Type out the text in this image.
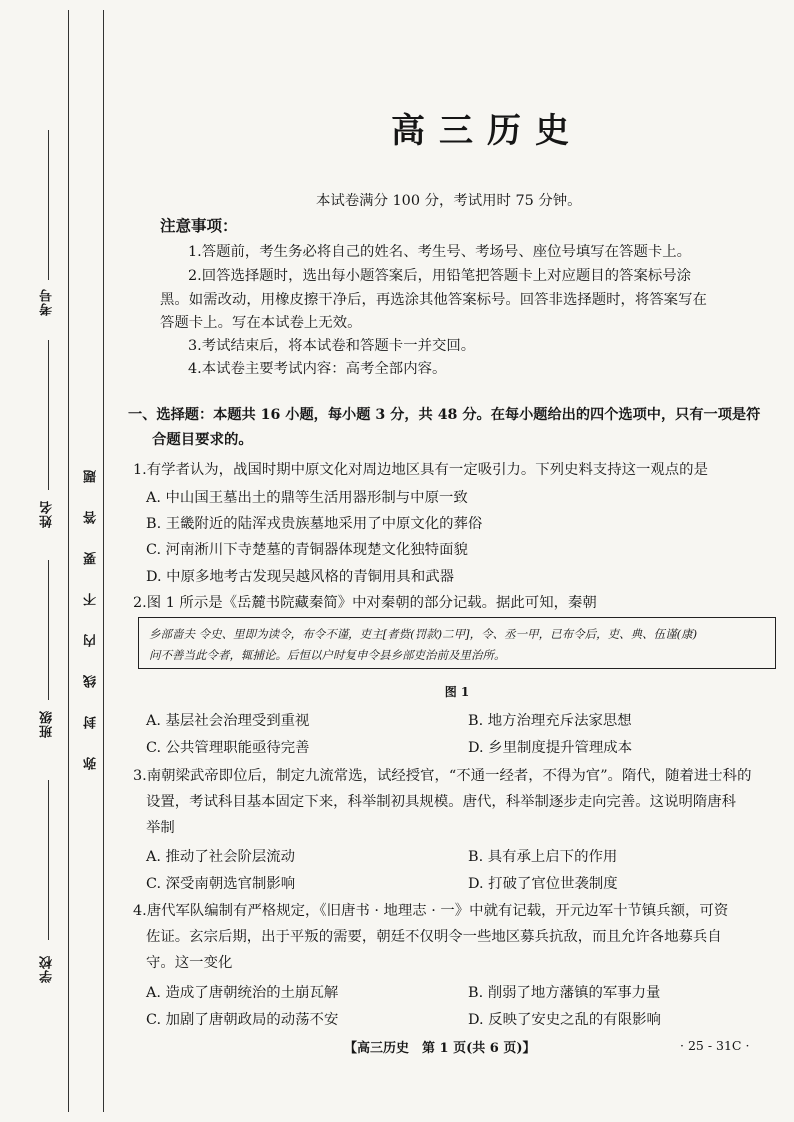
考号
姓名
班级
学校
弥封线内不要答题
高三历史
本试卷满分 100 分，考试用时 75 分钟。
注意事项：
1.答题前，考生务必将自己的姓名、考生号、考场号、座位号填写在答题卡上。
2.回答选择题时，选出每小题答案后，用铅笔把答题卡上对应题目的答案标号涂
黑。如需改动，用橡皮擦干净后，再选涂其他答案标号。回答非选择题时，将答案写在
答题卡上。写在本试卷上无效。
3.考试结束后，将本试卷和答题卡一并交回。
4.本试卷主要考试内容：高考全部内容。
一、选择题：本题共 16 小题，每小题 3 分，共 48 分。在每小题给出的四个选项中，只有一项是符
合题目要求的。
1.有学者认为，战国时期中原文化对周边地区具有一定吸引力。下列史料支持这一观点的是
A. 中山国王墓出土的鼎等生活用器形制与中原一致
B. 王畿附近的陆浑戎贵族墓地采用了中原文化的葬俗
C. 河南淅川下寺楚墓的青铜器体现楚文化独特面貌
D. 中原多地考古发现吴越风格的青铜用具和武器
2.图 1 所示是《岳麓书院藏秦简》中对秦朝的部分记载。据此可知，秦朝
乡部啬夫 令史、里即为读令，布令不谨，吏主[者赀(罚款)二甲]，令、丞一甲，已布令后，吏、典、伍谨(康)
问不善当此令者，辄捕论。后恒以户时复申令县乡部吏治前及里治所。
图 1
A. 基层社会治理受到重视	B. 地方治理充斥法家思想
C. 公共管理职能亟待完善	D. 乡里制度提升管理成本
3.南朝梁武帝即位后，制定九流常选，试经授官，“不通一经者，不得为官”。隋代，随着进士科的
设置，考试科目基本固定下来，科举制初具规模。唐代，科举制逐步走向完善。这说明隋唐科
举制
A. 推动了社会阶层流动	B. 具有承上启下的作用
C. 深受南朝选官制影响	D. 打破了官位世袭制度
4.唐代军队编制有严格规定，《旧唐书 · 地理志 · 一》中就有记载，开元边军十节镇兵额，可资
佐证。玄宗后期，出于平叛的需要，朝廷不仅明令一些地区募兵抗敌，而且允许各地募兵自
守。这一变化
A. 造成了唐朝统治的土崩瓦解	B. 削弱了地方藩镇的军事力量
C. 加剧了唐朝政局的动荡不安	D. 反映了安史之乱的有限影响
【高三历史　第 1 页(共 6 页)】	· 25 - 31C ·
